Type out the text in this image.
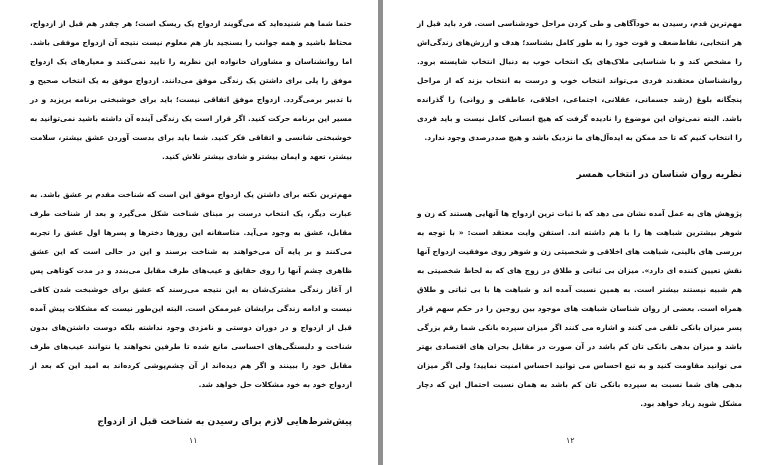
حتما شما هم شنیده‌اید که می‌گویند ازدواج یک ریسک است؛ هر چقدر هم قبل از ازدواج، محتاط باشید و همه جوانب را بسنجید باز هم معلوم نیست نتیجه آن ازدواج موفقی باشد. اما روانشناسان و مشاوران خانواده این نظریه را تایید نمی‌کنند و معیارهای یک ازدواج موفق را پلی برای داشتن یک زندگی موفق می‌دانند. ازدواج موفق به یک انتخاب صحیح و با تدبیر برمی‌گردد. ازدواج موفق اتفاقی نیست؛ باید برای خوشبختی برنامه بریزید و در مسیر این برنامه حرکت کنید. اگر قرار است یک زندگی آینده آن داشته باشید نمی‌توانید به خوشبختی شانسی و اتفاقی فکر کنید. شما باید برای بدست آوردن عشق بیشتر، سلامت بیشتر، تعهد و ایمان بیشتر و شادی بیشتر تلاش کنید.

مهم‌ترین نکته برای داشتن یک ازدواج موفق این است که شناخت مقدم بر عشق باشد. به عبارت دیگر، یک انتخاب درست بر مبنای شناخت شکل می‌گیرد و بعد از شناخت طرف مقابل، عشق به وجود می‌آید. متاسفانه این روزها دخترها و پسرها اول عشق را تجربه می‌کنند و بر پایه آن می‌خواهند به شناخت برسند و این در حالی است که این عشق ظاهری چشم آنها را روی حقایق و عیب‌های طرف مقابل می‌بندد و در مدت کوتاهی پس از آغاز زندگی مشترک‌شان به این نتیجه می‌رسند که عشق برای خوشبخت شدن کافی نیست و ادامه زندگی برایشان غیرممکن است. البته این‌طور نیست که مشکلات پیش آمده قبل از ازدواج و در دوران دوستی و نامزدی وجود نداشته بلکه دوست داشتن‌های بدون شناخت و دلبستگی‌های احساسی مانع شده تا طرفین نخواهند یا نتوانند عیب‌های طرف مقابل خود را ببینند و اگر هم دیده‌اند از آن چشم‌پوشی کرده‌اند به امید این که بعد از ازدواج خود به خود مشکلات حل خواهد شد.

پیش‌شرط‌هایی لازم برای رسیدن به شناخت قبل از ازدواج

۱۱

مهم‌ترین قدم، رسیدن به خودآگاهی و طی کردن مراحل خودشناسی است. فرد باید قبل از هر انتخابی، نقاط‌ضعف و قوت خود را به طور کامل بشناسد؛ هدف و ارزش‌های زندگی‌اش را مشخص کند و با شناسایی ملاک‌های یک انتخاب خوب به دنبال انتخاب شایسته برود. روانشناسان معتقدند فردی می‌تواند انتخاب خوب و درست به انتخاب بزند که از مراحل پنجگانه بلوغ (رشد جسمانی، عقلانی، اجتماعی، اخلاقی، عاطفی و روانی) را گذرانده باشد. البته نمی‌توان این موضوع را نادیده گرفت که هیچ انسانی کامل نیست و باید فردی را انتخاب کنیم که تا حد ممکن به ایده‌آل‌های ما نزدیک باشد و هیچ صددرصدی وجود ندارد.

نظریه روان شناسان در انتخاب همسر

پژوهش های به عمل آمده نشان می دهد که با ثبات ترین ازدواج ها آنهایی هستند که زن و شوهر بیشترین شباهت ها را با هم داشته اند. استفن وایت معتقد است: « با توجه به بررسی های بالینی، شباهت های اخلاقی و شخصیتی زن و شوهر روی موفقیت ازدواج آنها نقش تعیین کننده ای دارد». میزان بی ثباتی و طلاق در زوج های که به لحاظ شخصیتی به هم شبیه نیستند بیشتر است. به همین نسبت آمده اند و شباهت ها با بی ثباتی و طلاق همراه است. بعضی از روان شناسان شباهت های موجود بین زوجین را در حکم سهم قرار پسر میزان بانکی تلقی می کنند و اشاره می کنند اگر میزان سپرده بانکی شما رقم بزرگی باشد و میزان بدهی بانکی تان کم باشد در آن صورت در مقابل بحران های اقتصادی بهتر می توانید مقاومت کنید و به تبع احساس می توانید احساس امنیت نمایید؛ ولی اگر میزان بدهی های شما نسبت به سپرده بانکی تان کم باشد به همان نسبت احتمال این که دچار مشکل شوید زیاد خواهد بود.

۱۲
